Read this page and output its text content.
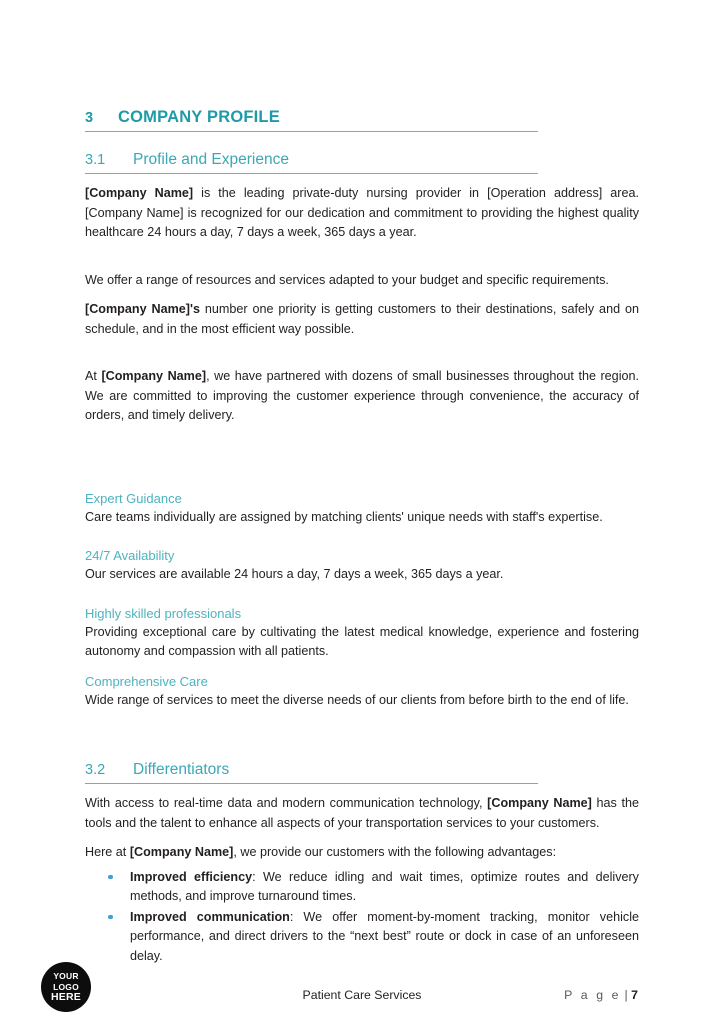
3	COMPANY PROFILE
3.1	Profile and Experience

[Company Name] is the leading private-duty nursing provider in [Operation address] area. [Company Name] is recognized for our dedication and commitment to providing the highest quality healthcare 24 hours a day, 7 days a week, 365 days a year.

We offer a range of resources and services adapted to your budget and specific requirements.

[Company Name]'s number one priority is getting customers to their destinations, safely and on schedule, and in the most efficient way possible.

At [Company Name], we have partnered with dozens of small businesses throughout the region. We are committed to improving the customer experience through convenience, the accuracy of orders, and timely delivery.

Expert Guidance

Care teams individually are assigned by matching clients' unique needs with staff's expertise.

24/7 Availability

Our services are available 24 hours a day, 7 days a week, 365 days a year.

Highly skilled professionals

Providing exceptional care by cultivating the latest medical knowledge, experience and fostering autonomy and compassion with all patients.

Comprehensive Care

Wide range of services to meet the diverse needs of our clients from before birth to the end of life.

3.2	Differentiators

With access to real-time data and modern communication technology, [Company Name] has the tools and the talent to enhance all aspects of your transportation services to your customers.

Here at [Company Name], we provide our customers with the following advantages:

Improved efficiency: We reduce idling and wait times, optimize routes and delivery methods, and improve turnaround times.
Improved communication: We offer moment-by-moment tracking, monitor vehicle performance, and direct drivers to the “next best” route or dock in case of an unforeseen delay.
YOUR
LOGO
HERE	Patient Care Services	P a g e | 7
